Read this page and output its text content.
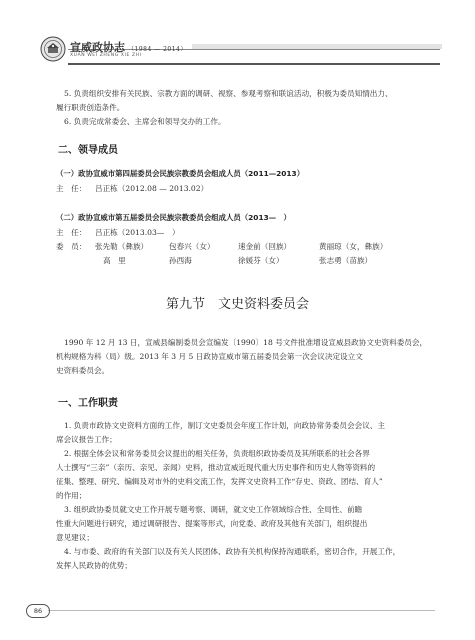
宣威政协志 （1984 — 2014）
XUAN WEI ZHENG XIE ZHI
5. 负责组织安排有关民族、宗教方面的调研、视察、参观考察和联谊活动，积极为委员知情出力、
履行职责创造条件。
6. 负责完成常委会、主席会和领导交办的工作。
二、领导成员
（一）政协宣威市第四届委员会民族宗教委员会组成人员（2011—2013）
主　任： 吕正栋（2012.08 — 2013.02）
（二）政协宣威市第五届委员会民族宗教委员会组成人员（2013—　）
主　任： 吕正栋（2013.03—　）
委　员： 张先勒（彝族）	包春兴（女）	速金前（回族）	黄丽琼（女，彝族）
高　里	孙西海	徐媛芬（女）	张志勇（苗族）
第九节　文史资料委员会
1990 年 12 月 13 日，宣威县编制委员会宣编发〔1990〕18 号文件批准增设宣威县政协文史资料委员会，
机构规格为科（局）级。2013 年 3 月 5 日政协宣威市第五届委员会第一次会议决定设立文
史资料委员会。
一、工作职责
1. 负责市政协文史资料方面的工作，制订文史委员会年度工作计划，向政协常务委员会会议、主
席会议报告工作；
2. 根据全体会议和常务委员会议提出的相关任务，负责组织政协委员及其所联系的社会各界
人士撰写“三亲”（亲历、亲见、亲闻）史料，推动宣威近现代重大历史事件和历史人物等资料的
征集、整理、研究、编辑及对市外的史料交流工作，发挥文史资料工作“存史、资政、团结、育人”
的作用；
3. 组织政协委员就文史工作开展专题考察、调研，就文史工作领域综合性、全局性、前瞻
性重大问题进行研究，通过调研报告、提案等形式，向党委、政府及其他有关部门，组织提出
意见建议；
4. 与市委、政府的有关部门以及有关人民团体、政协有关机构保持沟通联系，密切合作，开展工作，
发挥人民政协的优势；
86
